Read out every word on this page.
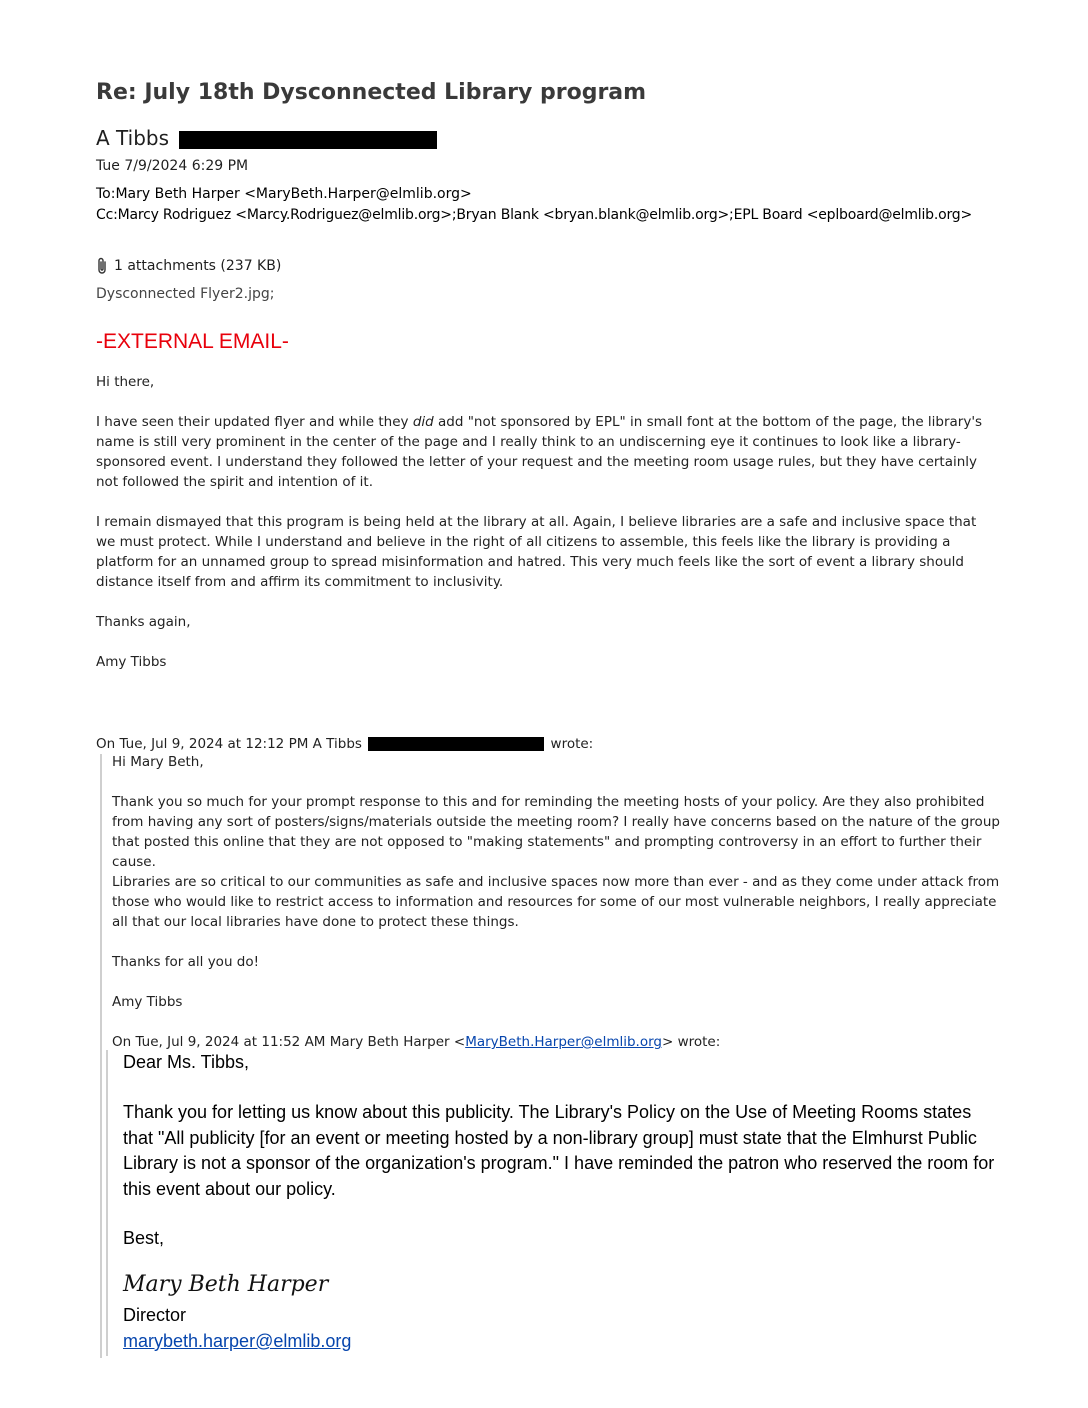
Re: July 18th Dysconnected Library program
A Tibbs
Tue 7/9/2024 6:29 PM
To:Mary Beth Harper <MaryBeth.Harper@elmlib.org>
Cc:Marcy Rodriguez <Marcy.Rodriguez@elmlib.org>;Bryan Blank <bryan.blank@elmlib.org>;EPL Board <eplboard@elmlib.org>
1 attachments (237 KB)
Dysconnected Flyer2.jpg;
-EXTERNAL EMAIL-

Hi there,

I have seen their updated flyer and while they did add "not sponsored by EPL" in small font at the bottom of the page, the library's name is still very prominent in the center of the page and I really think to an undiscerning eye it continues to look like a library-sponsored event. I understand they followed the letter of your request and the meeting room usage rules, but they have certainly not followed the spirit and intention of it.

I remain dismayed that this program is being held at the library at all. Again, I believe libraries are a safe and inclusive space that we must protect. While I understand and believe in the right of all citizens to assemble, this feels like the library is providing a platform for an unnamed group to spread misinformation and hatred. This very much feels like the sort of event a library should distance itself from and affirm its commitment to inclusivity.

Thanks again,

Amy Tibbs

On Tue, Jul 9, 2024 at 12:12 PM A Tibbs	wrote:

Hi Mary Beth,

Thank you so much for your prompt response to this and for reminding the meeting hosts of your policy. Are they also prohibited from having any sort of posters/signs/materials outside the meeting room? I really have concerns based on the nature of the group that posted this online that they are not opposed to "making statements" and prompting controversy in an effort to further their cause.

Libraries are so critical to our communities as safe and inclusive spaces now more than ever - and as they come under attack from those who would like to restrict access to information and resources for some of our most vulnerable neighbors, I really appreciate all that our local libraries have done to protect these things.

Thanks for all you do!

Amy Tibbs

On Tue, Jul 9, 2024 at 11:52 AM Mary Beth Harper <MaryBeth.Harper@elmlib.org> wrote:

Dear Ms. Tibbs,

Thank you for letting us know about this publicity. The Library's Policy on the Use of Meeting Rooms states that "All publicity [for an event or meeting hosted by a non-library group] must state that the Elmhurst Public Library is not a sponsor of the organization's program." I have reminded the patron who reserved the room for this event about our policy.

Best,

Mary Beth Harper

Director

marybeth.harper@elmlib.org
